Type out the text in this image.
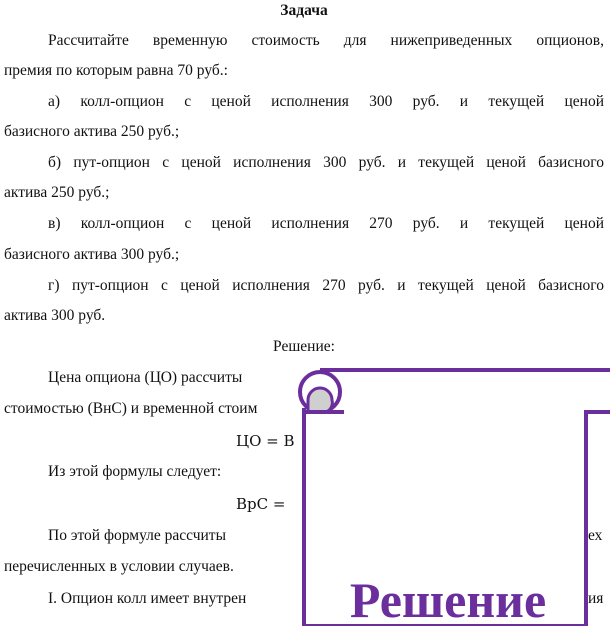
Задача
Рассчитайте временную стоимость для нижеприведенных опционов,
премия по которым равна 70 руб.:
а) колл-опцион с ценой исполнения 300 руб. и текущей ценой
базисного актива 250 руб.;
б) пут-опцион с ценой исполнения 300 руб. и текущей ценой базисного
актива 250 руб.;
в) колл-опцион с ценой исполнения 270 руб. и текущей ценой
базисного актива 300 руб.;
г) пут-опцион с ценой исполнения 270 руб. и текущей ценой базисного
актива 300 руб.
Решение:
Цена опциона (ЦО) рассчиты
стоимостью (ВнС) и временной стоим
ЦО = В
Из этой формулы следует:
ВрС =
По этой формуле рассчиты	ех
перечисленных в условии случаев.
I. Опцион колл имеет внутрен	ия
Решение
